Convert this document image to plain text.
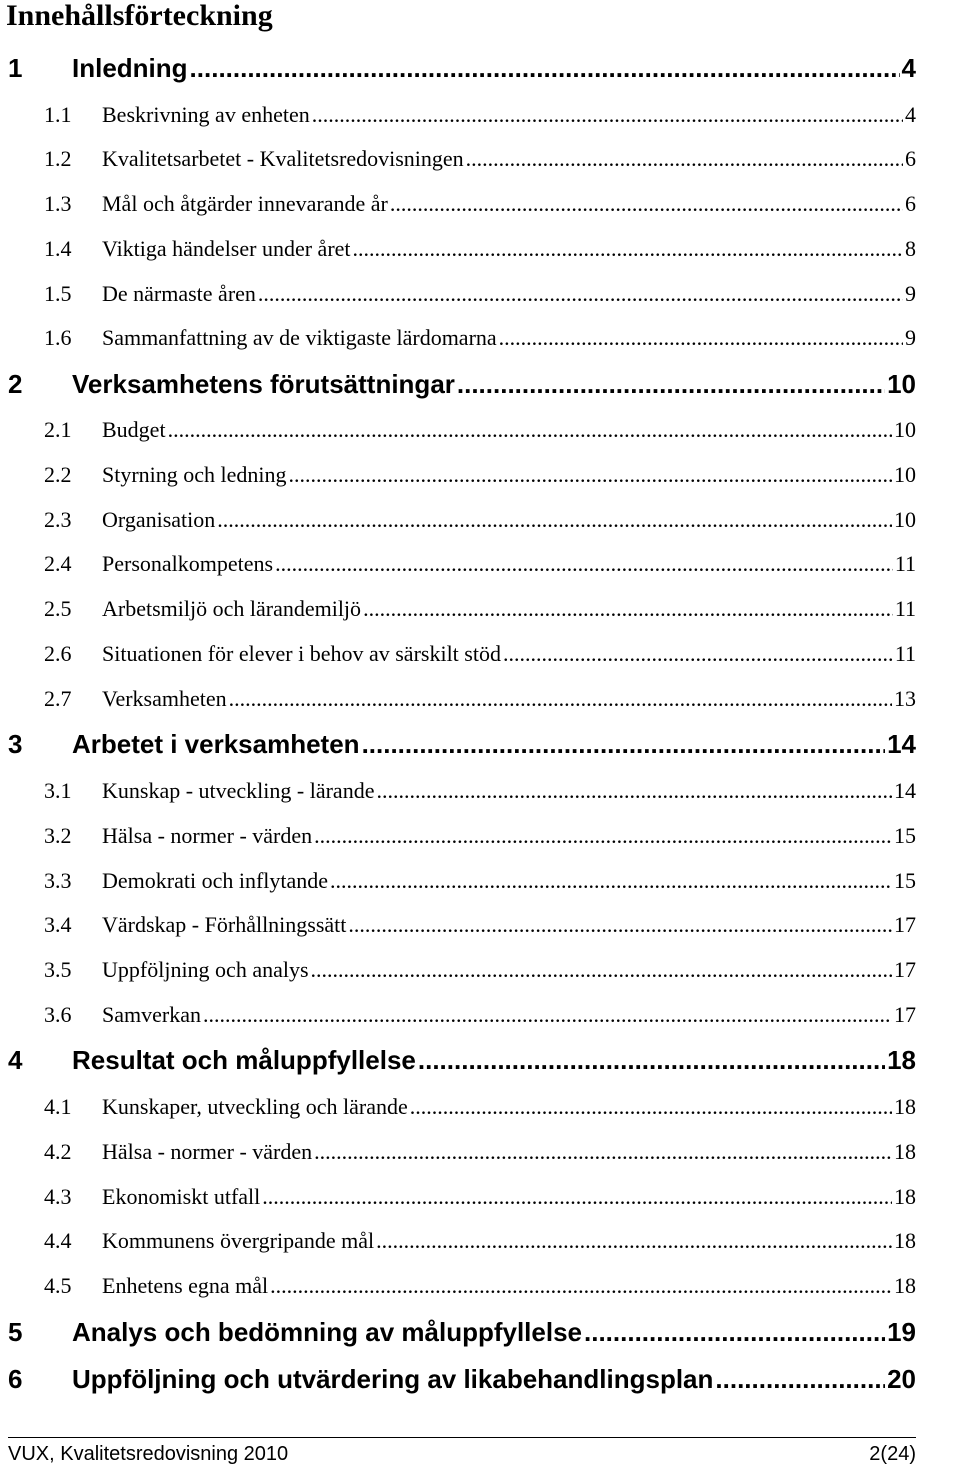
Innehållsförteckning
1 Inledning .....	4
1.1 Beskrivning av enheten .....	4
1.2 Kvalitetsarbetet - Kvalitetsredovisningen .....	6
1.3 Mål och åtgärder innevarande år .....	6
1.4 Viktiga händelser under året .....	8
1.5 De närmaste åren .....	9
1.6 Sammanfattning av de viktigaste lärdomarna .....	9
2 Verksamhetens förutsättningar .....	10
2.1 Budget .....	10
2.2 Styrning och ledning .....	10
2.3 Organisation .....	10
2.4 Personalkompetens .....	11
2.5 Arbetsmiljö och lärandemiljö .....	11
2.6 Situationen för elever i behov av särskilt stöd .....	11
2.7 Verksamheten .....	13
3 Arbetet i verksamheten .....	14
3.1 Kunskap - utveckling - lärande .....	14
3.2 Hälsa - normer - värden .....	15
3.3 Demokrati och inflytande .....	15
3.4 Värdskap - Förhållningssätt .....	17
3.5 Uppföljning och analys .....	17
3.6 Samverkan .....	17
4 Resultat och måluppfyllelse .....	18
4.1 Kunskaper, utveckling och lärande .....	18
4.2 Hälsa - normer - värden .....	18
4.3 Ekonomiskt utfall .....	18
4.4 Kommunens övergripande mål .....	18
4.5 Enhetens egna mål .....	18
5 Analys och bedömning av måluppfyllelse .....	19
6 Uppföljning och utvärdering av likabehandlingsplan .....	20
VUX, Kvalitetsredovisning 2010	2(24)
